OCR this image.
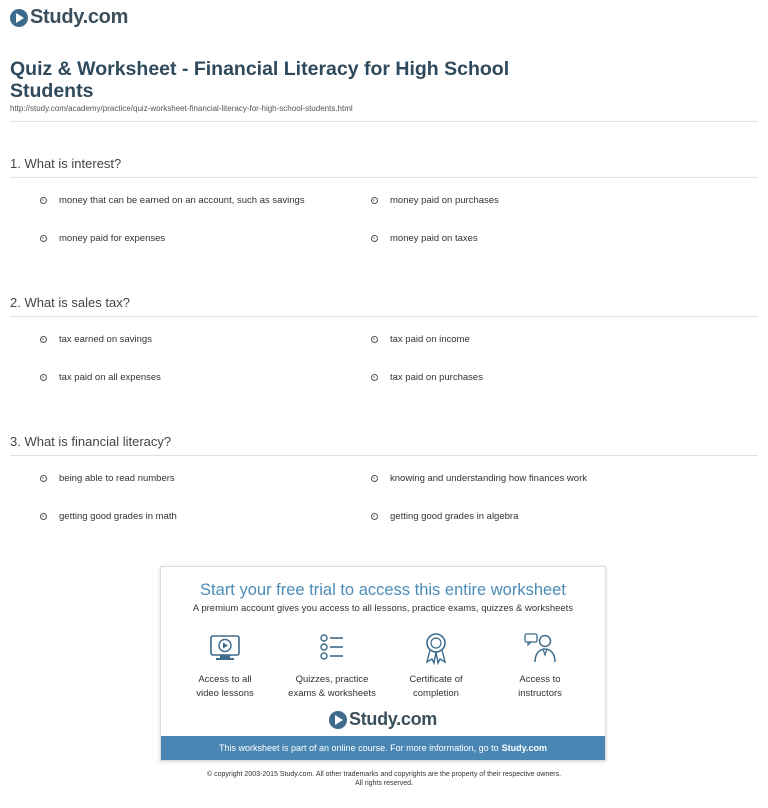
Study.com
Quiz & Worksheet - Financial Literacy for High School Students
http://study.com/academy/practice/quiz-worksheet-financial-literacy-for-high-school-students.html
1. What is interest?
money that can be earned on an account, such as savings	money paid on purchases
money paid for expenses	money paid on taxes
2. What is sales tax?
tax earned on savings	tax paid on income
tax paid on all expenses	tax paid on purchases
3. What is financial literacy?
being able to read numbers	knowing and understanding how finances work
getting good grades in math	getting good grades in algebra
Start your free trial to access this entire worksheet
A premium account gives you access to all lessons, practice exams, quizzes & worksheets
Access to all
video lessons
Quizzes, practice
exams & worksheets
Certificate of
completion
Access to
instructors
Study.com
This worksheet is part of an online course. For more information, go to Study.com
© copyright 2003-2015 Study.com. All other trademarks and copyrights are the property of their respective owners.
All rights reserved.
